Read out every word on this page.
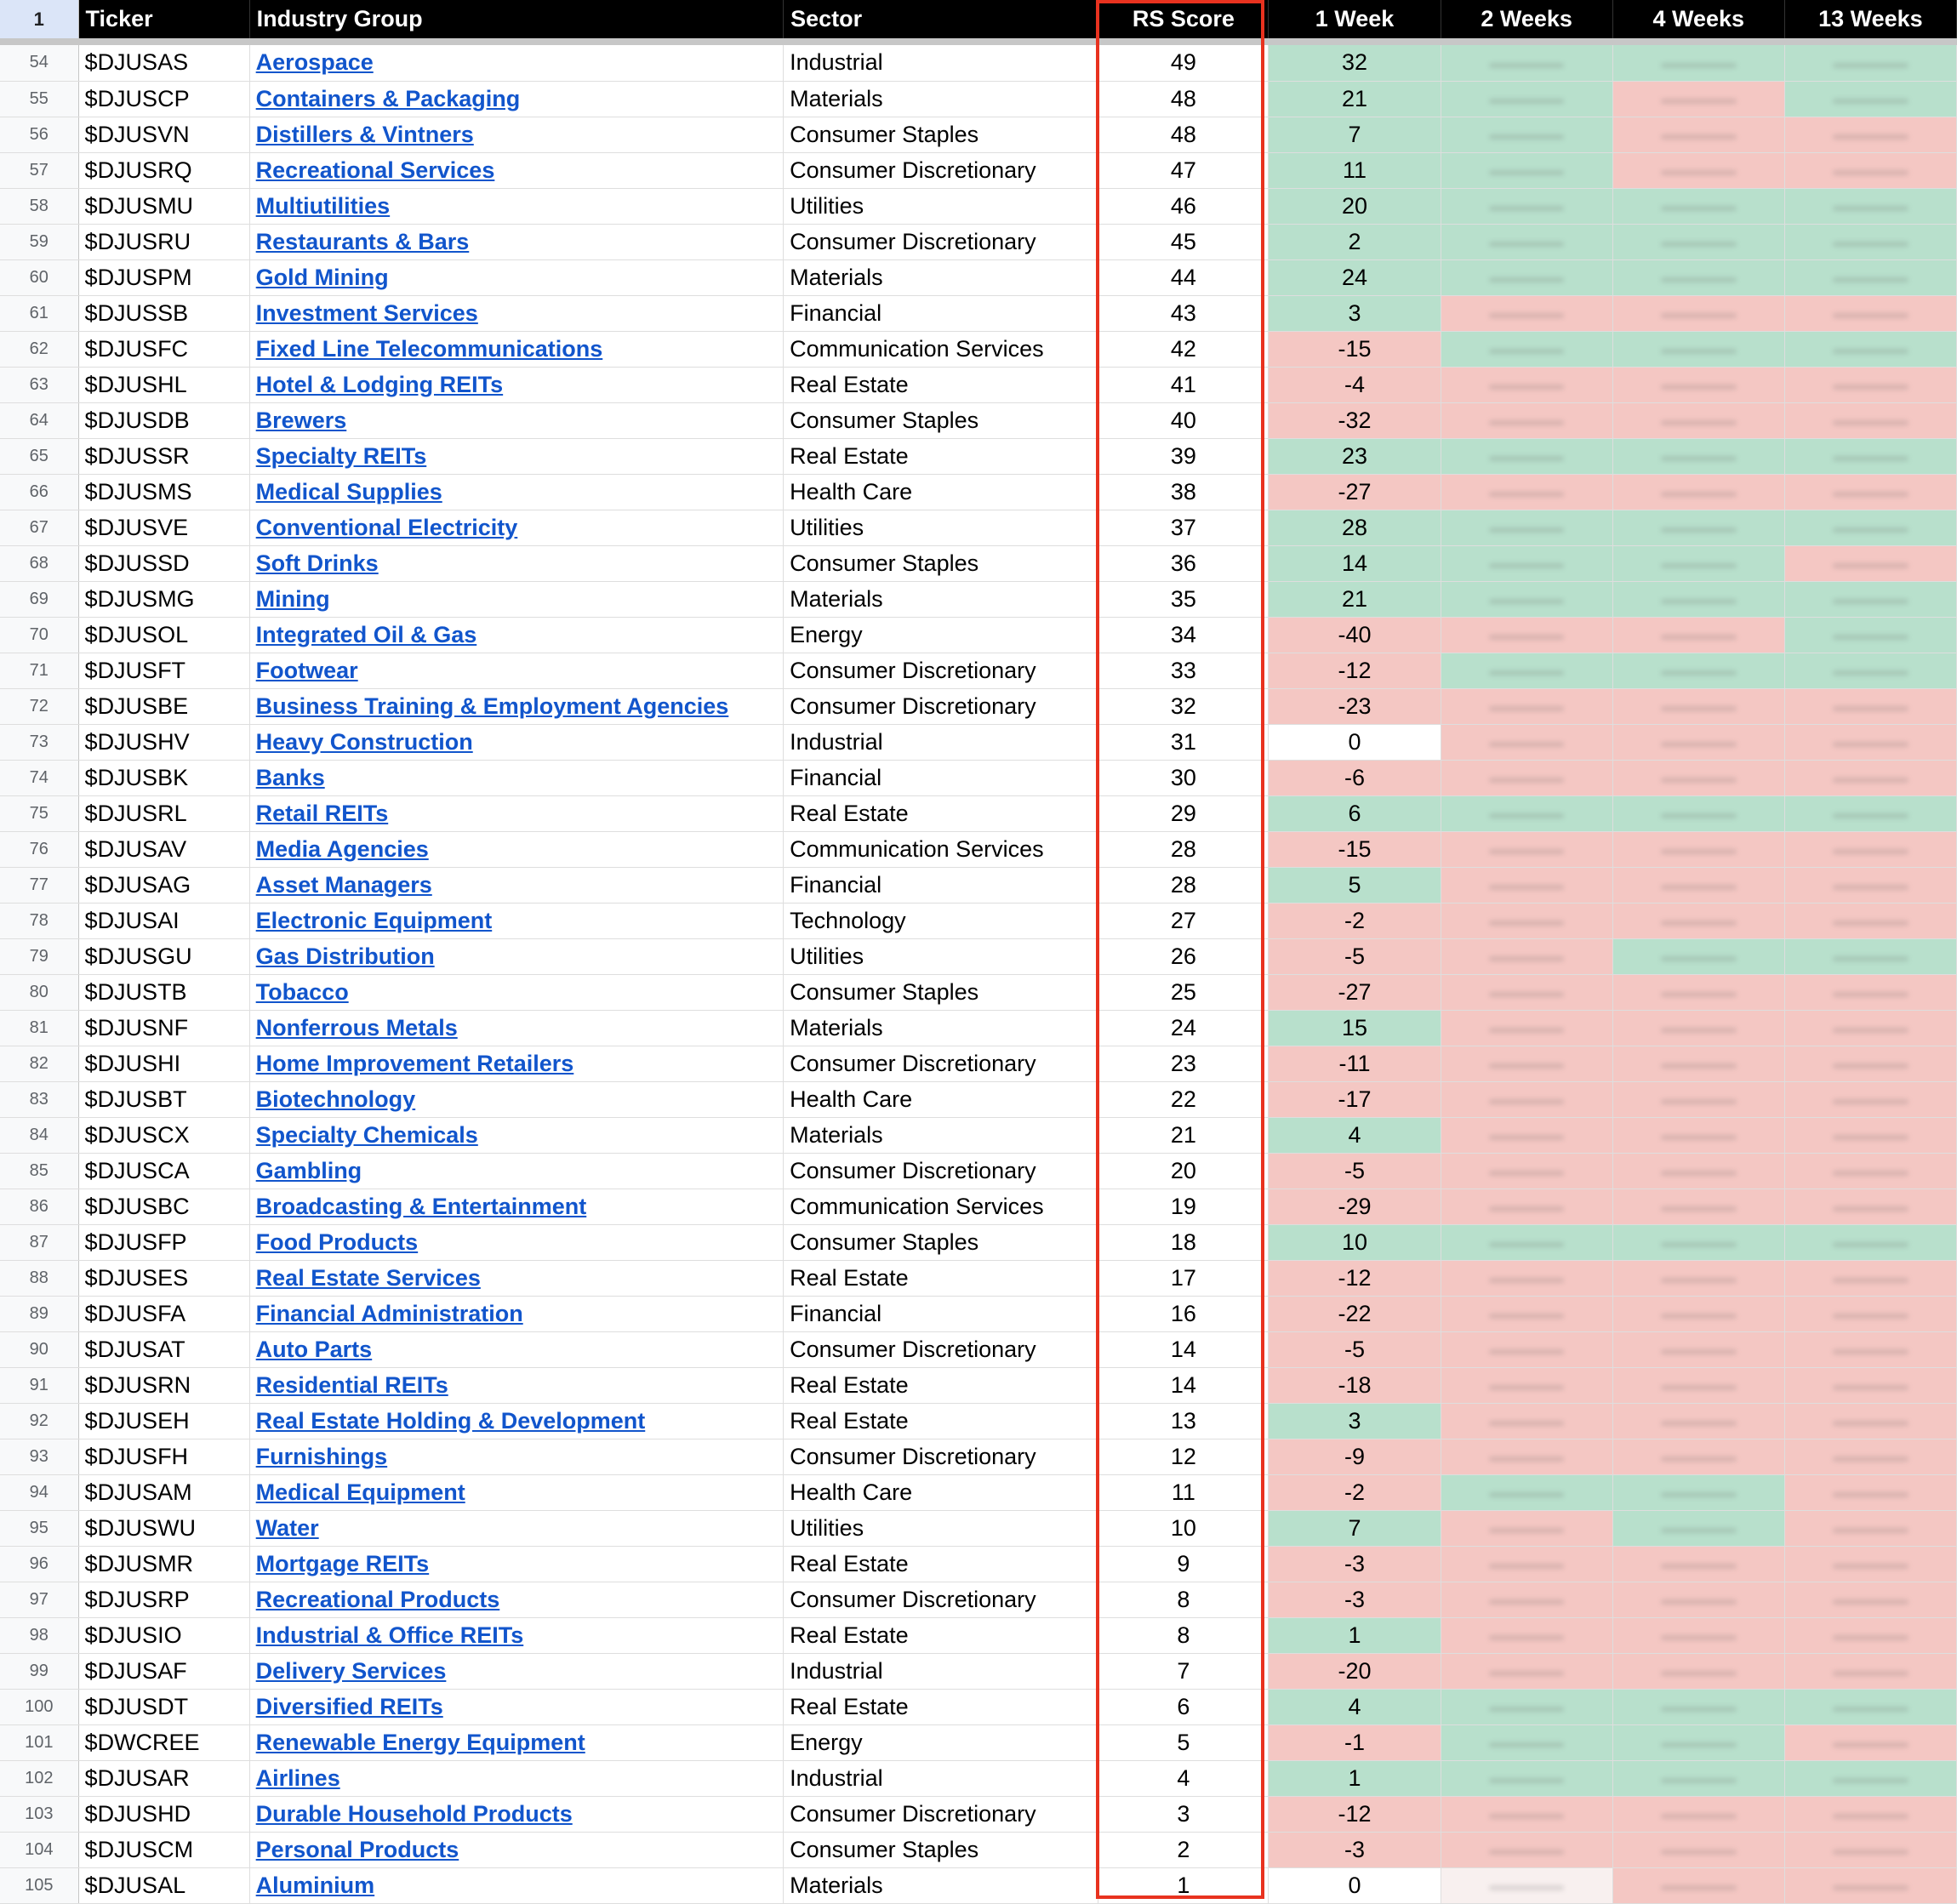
1	Ticker	Industry Group	Sector	RS Score	1 Week	2 Weeks	4 Weeks	13 Weeks

54	$DJUSAS	Aerospace	Industrial	49	32	

55	$DJUSCP	Containers & Packaging	Materials	48	21	

56	$DJUSVN	Distillers & Vintners	Consumer Staples	48	7	

57	$DJUSRQ	Recreational Services	Consumer Discretionary	47	11	

58	$DJUSMU	Multiutilities	Utilities	46	20	

59	$DJUSRU	Restaurants & Bars	Consumer Discretionary	45	2	

60	$DJUSPM	Gold Mining	Materials	44	24	

61	$DJUSSB	Investment Services	Financial	43	3	

62	$DJUSFC	Fixed Line Telecommunications	Communication Services	42	-15	

63	$DJUSHL	Hotel & Lodging REITs	Real Estate	41	-4	

64	$DJUSDB	Brewers	Consumer Staples	40	-32	

65	$DJUSSR	Specialty REITs	Real Estate	39	23	

66	$DJUSMS	Medical Supplies	Health Care	38	-27	

67	$DJUSVE	Conventional Electricity	Utilities	37	28	

68	$DJUSSD	Soft Drinks	Consumer Staples	36	14	

69	$DJUSMG	Mining	Materials	35	21	

70	$DJUSOL	Integrated Oil & Gas	Energy	34	-40	

71	$DJUSFT	Footwear	Consumer Discretionary	33	-12	

72	$DJUSBE	Business Training & Employment Agencies	Consumer Discretionary	32	-23	

73	$DJUSHV	Heavy Construction	Industrial	31	0	

74	$DJUSBK	Banks	Financial	30	-6	

75	$DJUSRL	Retail REITs	Real Estate	29	6	

76	$DJUSAV	Media Agencies	Communication Services	28	-15	

77	$DJUSAG	Asset Managers	Financial	28	5	

78	$DJUSAI	Electronic Equipment	Technology	27	-2	

79	$DJUSGU	Gas Distribution	Utilities	26	-5	

80	$DJUSTB	Tobacco	Consumer Staples	25	-27	

81	$DJUSNF	Nonferrous Metals	Materials	24	15	

82	$DJUSHI	Home Improvement Retailers	Consumer Discretionary	23	-11	

83	$DJUSBT	Biotechnology	Health Care	22	-17	

84	$DJUSCX	Specialty Chemicals	Materials	21	4	

85	$DJUSCA	Gambling	Consumer Discretionary	20	-5	

86	$DJUSBC	Broadcasting & Entertainment	Communication Services	19	-29	

87	$DJUSFP	Food Products	Consumer Staples	18	10	

88	$DJUSES	Real Estate Services	Real Estate	17	-12	

89	$DJUSFA	Financial Administration	Financial	16	-22	

90	$DJUSAT	Auto Parts	Consumer Discretionary	14	-5	

91	$DJUSRN	Residential REITs	Real Estate	14	-18	

92	$DJUSEH	Real Estate Holding & Development	Real Estate	13	3	

93	$DJUSFH	Furnishings	Consumer Discretionary	12	-9	

94	$DJUSAM	Medical Equipment	Health Care	11	-2	

95	$DJUSWU	Water	Utilities	10	7	

96	$DJUSMR	Mortgage REITs	Real Estate	9	-3	

97	$DJUSRP	Recreational Products	Consumer Discretionary	8	-3	

98	$DJUSIO	Industrial & Office REITs	Real Estate	8	1	

99	$DJUSAF	Delivery Services	Industrial	7	-20	

100	$DJUSDT	Diversified REITs	Real Estate	6	4	

101	$DWCREE	Renewable Energy Equipment	Energy	5	-1	

102	$DJUSAR	Airlines	Industrial	4	1	

103	$DJUSHD	Durable Household Products	Consumer Discretionary	3	-12	

104	$DJUSCM	Personal Products	Consumer Staples	2	-3	

105	$DJUSAL	Aluminium	Materials	1	0	
